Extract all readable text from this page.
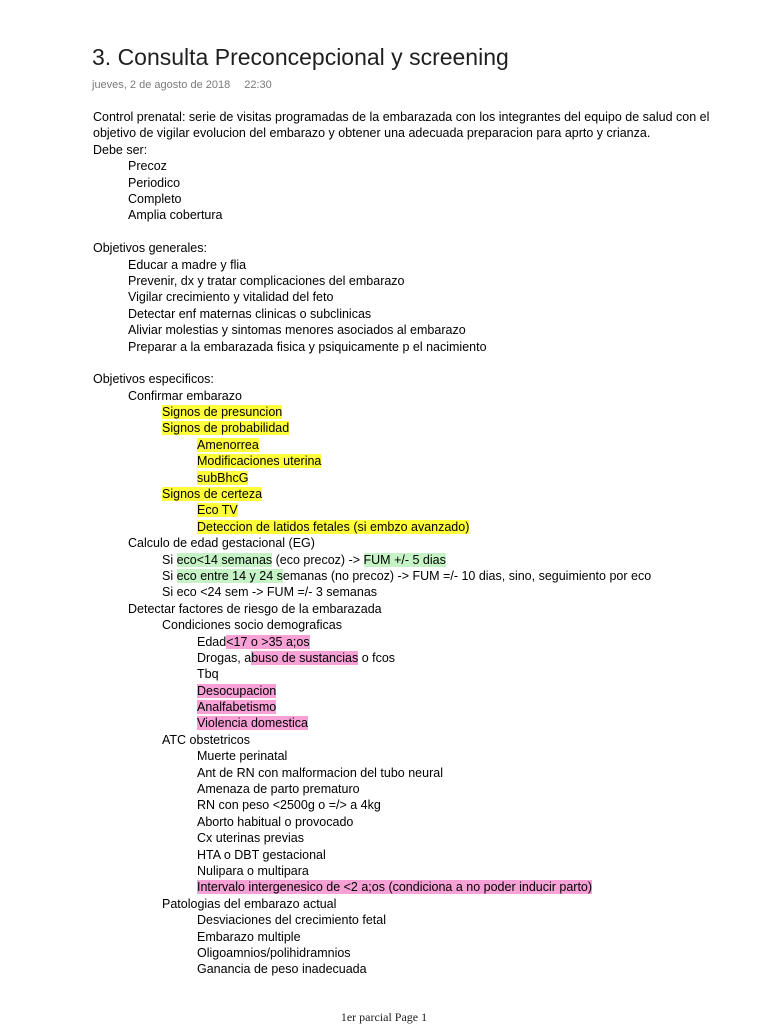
3. Consulta Preconcepcional y screening
jueves, 2 de agosto de 2018 22:30

Control prenatal: serie de visitas programadas de la embarazada con los integrantes del equipo de salud con el objetivo de vigilar evolucion del embarazo y obtener una adecuada preparacion para aprto y crianza.

Debe ser:
Precoz
Periodico
Completo
Amplia cobertura
Objetivos generales:
Educar a madre y flia
Prevenir, dx y tratar complicaciones del embarazo
Vigilar crecimiento y vitalidad del feto
Detectar enf maternas clinicas o subclinicas
Aliviar molestias y sintomas menores asociados al embarazo
Preparar a la embarazada fisica y psiquicamente p el nacimiento
Objetivos especificos:
Confirmar embarazo
Signos de presuncion
Signos de probabilidad
Amenorrea
Modificaciones uterina
subBhcG
Signos de certeza
Eco TV
Deteccion de latidos fetales (si embzo avanzado)
Calculo de edad gestacional (EG)
Si eco<14 semanas (eco precoz) -> FUM +/- 5 dias
Si eco entre 14 y 24 semanas (no precoz) -> FUM =/- 10 dias, sino, seguimiento por eco
Si eco <24 sem -> FUM =/- 3 semanas
Detectar factores de riesgo de la embarazada
Condiciones socio demograficas
Edad<17 o >35 a;os
Drogas, abuso de sustancias o fcos
Tbq
Desocupacion
Analfabetismo
Violencia domestica
ATC obstetricos
Muerte perinatal
Ant de RN con malformacion del tubo neural
Amenaza de parto prematuro
RN con peso <2500g o =/> a 4kg
Aborto habitual o provocado
Cx uterinas previas
HTA o DBT gestacional
Nulipara o multipara
Intervalo intergenesico de <2 a;os (condiciona a no poder inducir parto)
Patologias del embarazo actual
Desviaciones del crecimiento fetal
Embarazo multiple
Oligoamnios/polihidramnios
Ganancia de peso inadecuada
1er parcial Page 1
